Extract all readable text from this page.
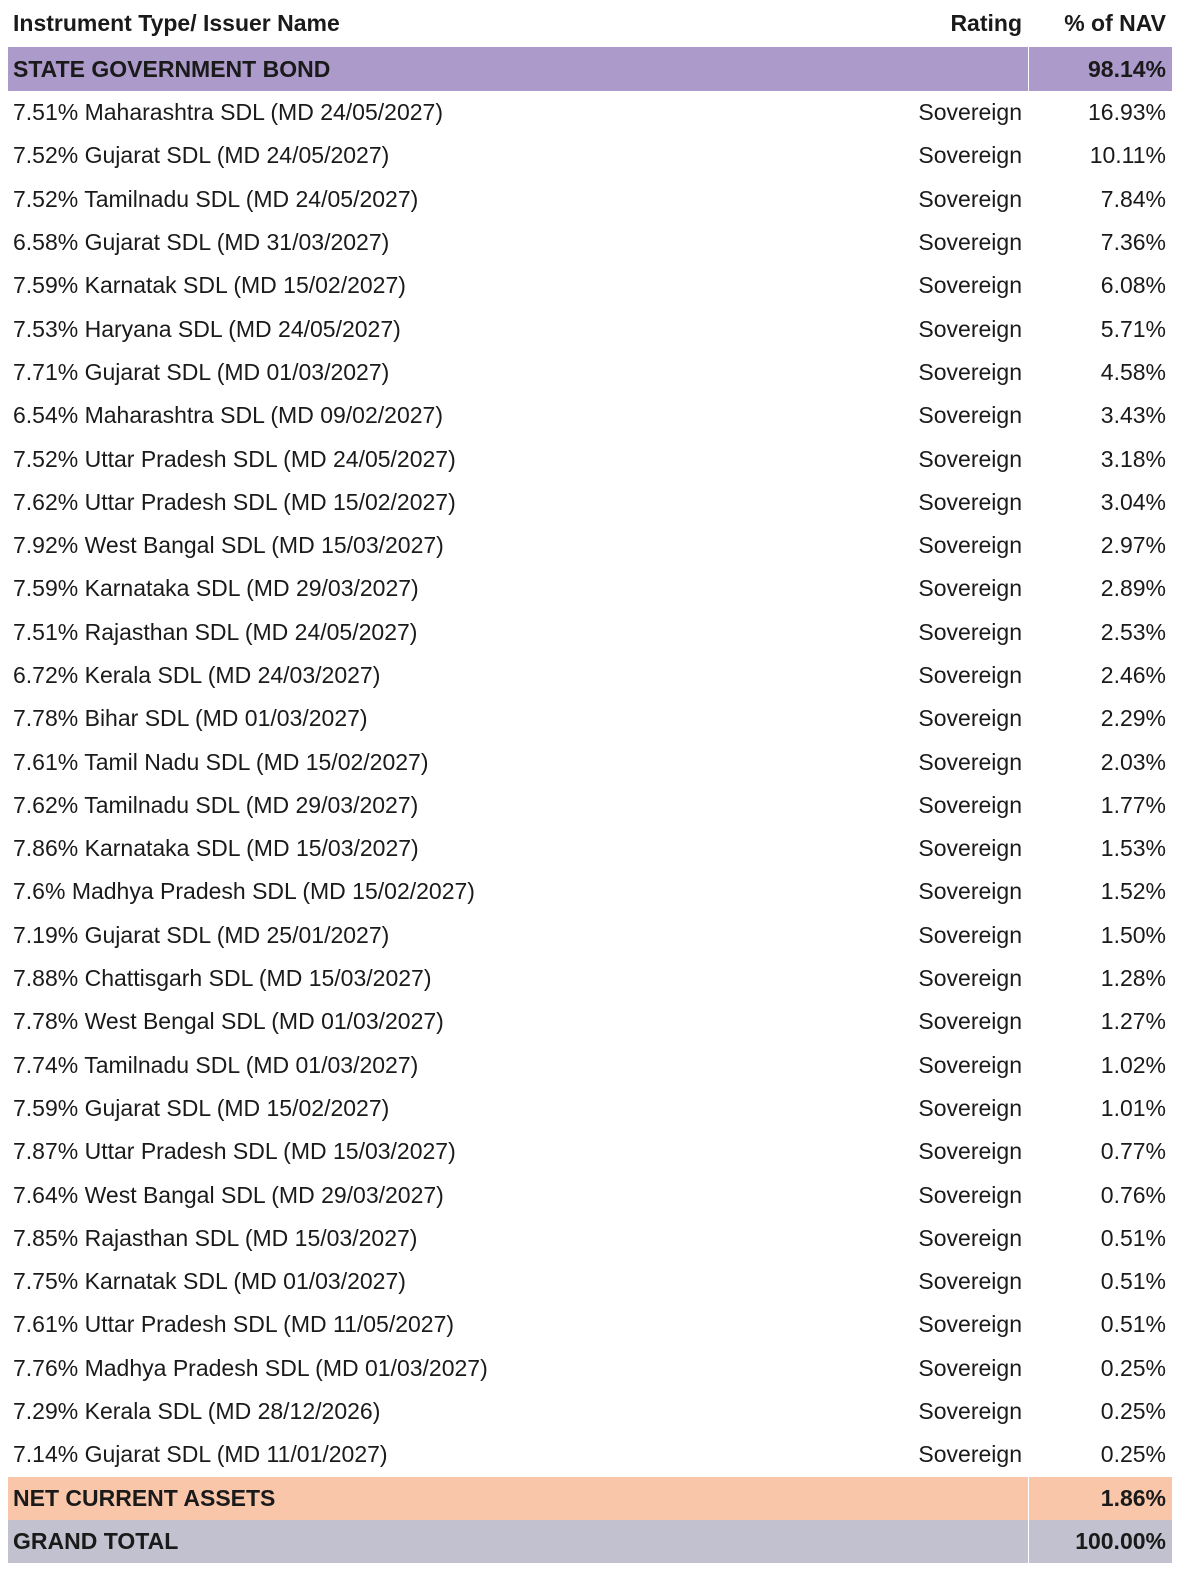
Instrument Type/ Issuer Name	Rating	% of NAV
STATE GOVERNMENT BOND	98.14%
7.51% Maharashtra SDL (MD 24/05/2027)	Sovereign	16.93%
7.52% Gujarat SDL (MD 24/05/2027)	Sovereign	10.11%
7.52% Tamilnadu SDL (MD 24/05/2027)	Sovereign	7.84%
6.58% Gujarat SDL (MD 31/03/2027)	Sovereign	7.36%
7.59% Karnatak SDL (MD 15/02/2027)	Sovereign	6.08%
7.53% Haryana SDL (MD 24/05/2027)	Sovereign	5.71%
7.71% Gujarat SDL (MD 01/03/2027)	Sovereign	4.58%
6.54% Maharashtra SDL (MD 09/02/2027)	Sovereign	3.43%
7.52% Uttar Pradesh SDL (MD 24/05/2027)	Sovereign	3.18%
7.62% Uttar Pradesh SDL (MD 15/02/2027)	Sovereign	3.04%
7.92% West Bangal SDL (MD 15/03/2027)	Sovereign	2.97%
7.59% Karnataka SDL (MD 29/03/2027)	Sovereign	2.89%
7.51% Rajasthan SDL (MD 24/05/2027)	Sovereign	2.53%
6.72% Kerala SDL (MD 24/03/2027)	Sovereign	2.46%
7.78% Bihar SDL (MD 01/03/2027)	Sovereign	2.29%
7.61% Tamil Nadu SDL (MD 15/02/2027)	Sovereign	2.03%
7.62% Tamilnadu SDL (MD 29/03/2027)	Sovereign	1.77%
7.86% Karnataka SDL (MD 15/03/2027)	Sovereign	1.53%
7.6% Madhya Pradesh SDL (MD 15/02/2027)	Sovereign	1.52%
7.19% Gujarat SDL (MD 25/01/2027)	Sovereign	1.50%
7.88% Chattisgarh SDL (MD 15/03/2027)	Sovereign	1.28%
7.78% West Bengal SDL (MD 01/03/2027)	Sovereign	1.27%
7.74% Tamilnadu SDL (MD 01/03/2027)	Sovereign	1.02%
7.59% Gujarat SDL (MD 15/02/2027)	Sovereign	1.01%
7.87% Uttar Pradesh SDL (MD 15/03/2027)	Sovereign	0.77%
7.64% West Bangal SDL (MD 29/03/2027)	Sovereign	0.76%
7.85% Rajasthan SDL (MD 15/03/2027)	Sovereign	0.51%
7.75% Karnatak SDL (MD 01/03/2027)	Sovereign	0.51%
7.61% Uttar Pradesh SDL (MD 11/05/2027)	Sovereign	0.51%
7.76% Madhya Pradesh SDL (MD 01/03/2027)	Sovereign	0.25%
7.29% Kerala SDL (MD 28/12/2026)	Sovereign	0.25%
7.14% Gujarat SDL (MD 11/01/2027)	Sovereign	0.25%
NET CURRENT ASSETS	1.86%
GRAND TOTAL	100.00%
